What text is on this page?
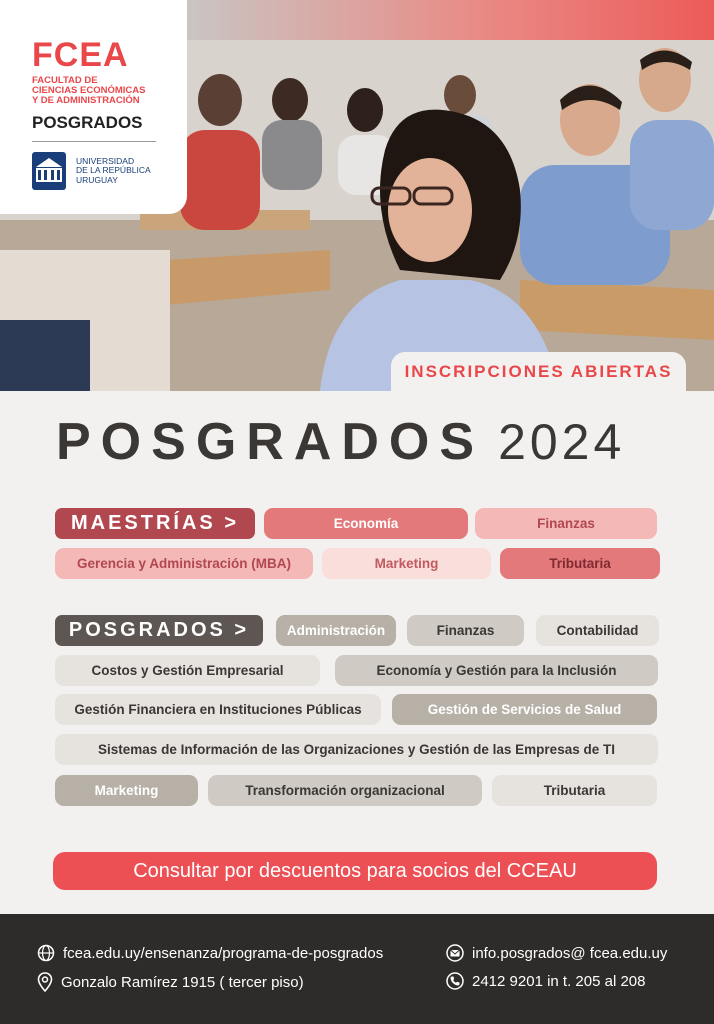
FCEA
FACULTAD DE
CIENCIAS ECONÓMICAS
Y DE ADMINISTRACIÓN
POSGRADOS
UNIVERSIDAD
DE LA REPÚBLICA
URUGUAY
INSCRIPCIONES ABIERTAS
POSGRADOS 2024
MAESTRÍAS >	Economía	Finanzas
Gerencia y Administración (MBA)	Marketing	Tributaria
POSGRADOS >	Administración	Finanzas	Contabilidad
Costos y Gestión Empresarial	Economía y Gestión para la Inclusión
Gestión Financiera en Instituciones Públicas	Gestión de Servicios de Salud
Sistemas de Información de las Organizaciones y Gestión de las Empresas de TI
Marketing	Transformación organizacional	Tributaria
Consultar por descuentos para socios del CCEAU
fcea.edu.uy/ensenanza/programa-de-posgrados
Gonzalo Ramírez 1915 ( tercer piso)
info.posgrados@ fcea.edu.uy
2412 9201 in t. 205 al 208
